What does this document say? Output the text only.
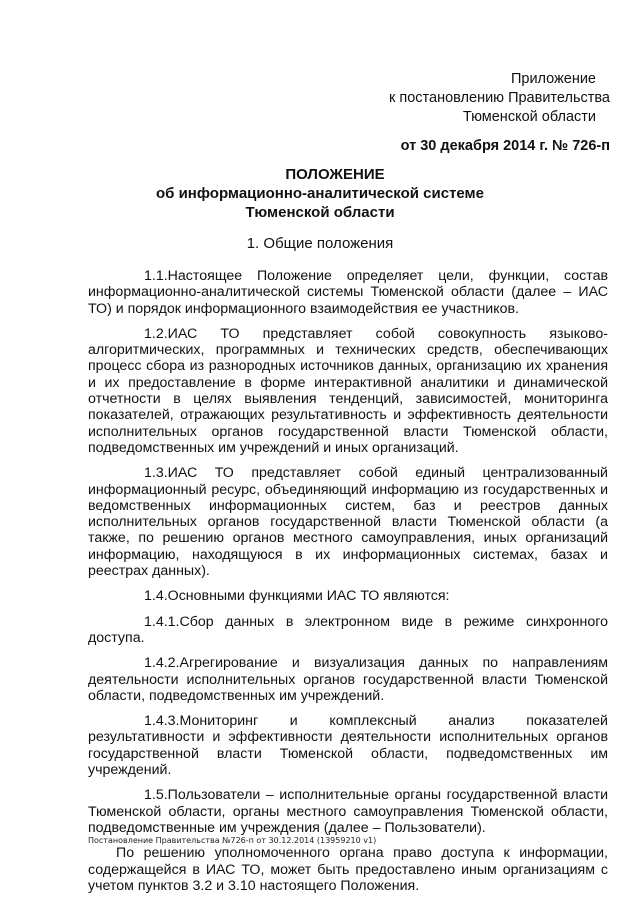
Приложение
к постановлению Правительства
Тюменской области
от 30 декабря 2014 г. № 726-п
ПОЛОЖЕНИЕ
об информационно-аналитической системе
Тюменской области
1. Общие положения

1.1.Настоящее Положение определяет цели, функции, состав информационно-аналитической системы Тюменской области (далее – ИАС ТО) и порядок информационного взаимодействия ее участников.

1.2.ИАС ТО представляет собой совокупность языково-алгоритмических, программных и технических средств, обеспечивающих процесс сбора из разнородных источников данных, организацию их хранения и их предоставление в форме интерактивной аналитики и динамической отчетности в целях выявления тенденций, зависимостей, мониторинга показателей, отражающих результативность и эффективность деятельности исполнительных органов государственной власти Тюменской области, подведомственных им учреждений и иных организаций.

1.3.ИАС ТО представляет собой единый централизованный информационный ресурс, объединяющий информацию из государственных и ведомственных информационных систем, баз и реестров данных исполнительных органов государственной власти Тюменской области (а также, по решению органов местного самоуправления, иных организаций информацию, находящуюся в их информационных системах, базах и реестрах данных).

1.4.Основными функциями ИАС ТО являются:

1.4.1.Сбор данных в электронном виде в режиме синхронного доступа.

1.4.2.Агрегирование и визуализация данных по направлениям деятельности исполнительных органов государственной власти Тюменской области, подведомственных им учреждений.

1.4.3.Мониторинг и комплексный анализ показателей результативности и эффективности деятельности исполнительных органов государственной власти Тюменской области, подведомственных им учреждений.

1.5.Пользователи – исполнительные органы государственной власти Тюменской области, органы местного самоуправления Тюменской области, подведомственные им учреждения (далее – Пользователи).

По решению уполномоченного органа право доступа к информации, содержащейся в ИАС ТО, может быть предоставлено иным организациям с учетом пунктов 3.2 и 3.10 настоящего Положения.

Постановление Правительства №726-п от 30.12.2014 (13959210 v1)
